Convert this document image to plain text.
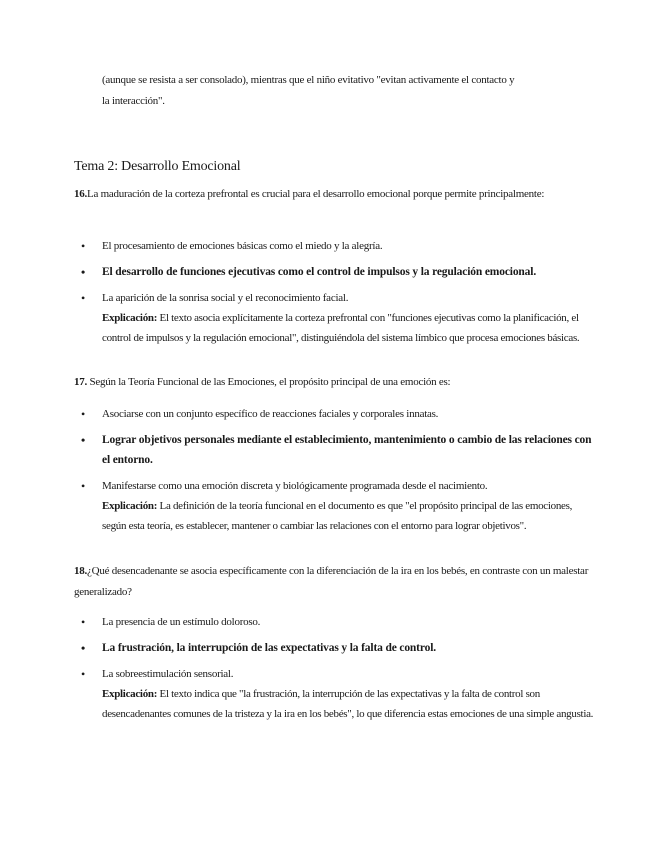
(aunque se resista a ser consolado), mientras que el niño evitativo "evitan activamente el contacto y

la interacción".

Tema 2: Desarrollo Emocional

16.La maduración de la corteza prefrontal es crucial para el desarrollo emocional porque permite principalmente:

• El procesamiento de emociones básicas como el miedo y la alegría.
• El desarrollo de funciones ejecutivas como el control de impulsos y la regulación emocional.
• La aparición de la sonrisa social y el reconocimiento facial.
Explicación: El texto asocia explícitamente la corteza prefrontal con "funciones ejecutivas como la planificación, el control de impulsos y la regulación emocional", distinguiéndola del sistema límbico que procesa emociones básicas.

17. Según la Teoría Funcional de las Emociones, el propósito principal de una emoción es:

• Asociarse con un conjunto específico de reacciones faciales y corporales innatas.
• Lograr objetivos personales mediante el establecimiento, mantenimiento o cambio de las relaciones con el entorno.
• Manifestarse como una emoción discreta y biológicamente programada desde el nacimiento.
Explicación: La definición de la teoría funcional en el documento es que "el propósito principal de las emociones, según esta teoría, es establecer, mantener o cambiar las relaciones con el entorno para lograr objetivos".

18.¿Qué desencadenante se asocia específicamente con la diferenciación de la ira en los bebés, en contraste con un malestar generalizado?

• La presencia de un estímulo doloroso.
• La frustración, la interrupción de las expectativas y la falta de control.
• La sobreestimulación sensorial.
Explicación: El texto indica que "la frustración, la interrupción de las expectativas y la falta de control son desencadenantes comunes de la tristeza y la ira en los bebés", lo que diferencia estas emociones de una simple angustia.
